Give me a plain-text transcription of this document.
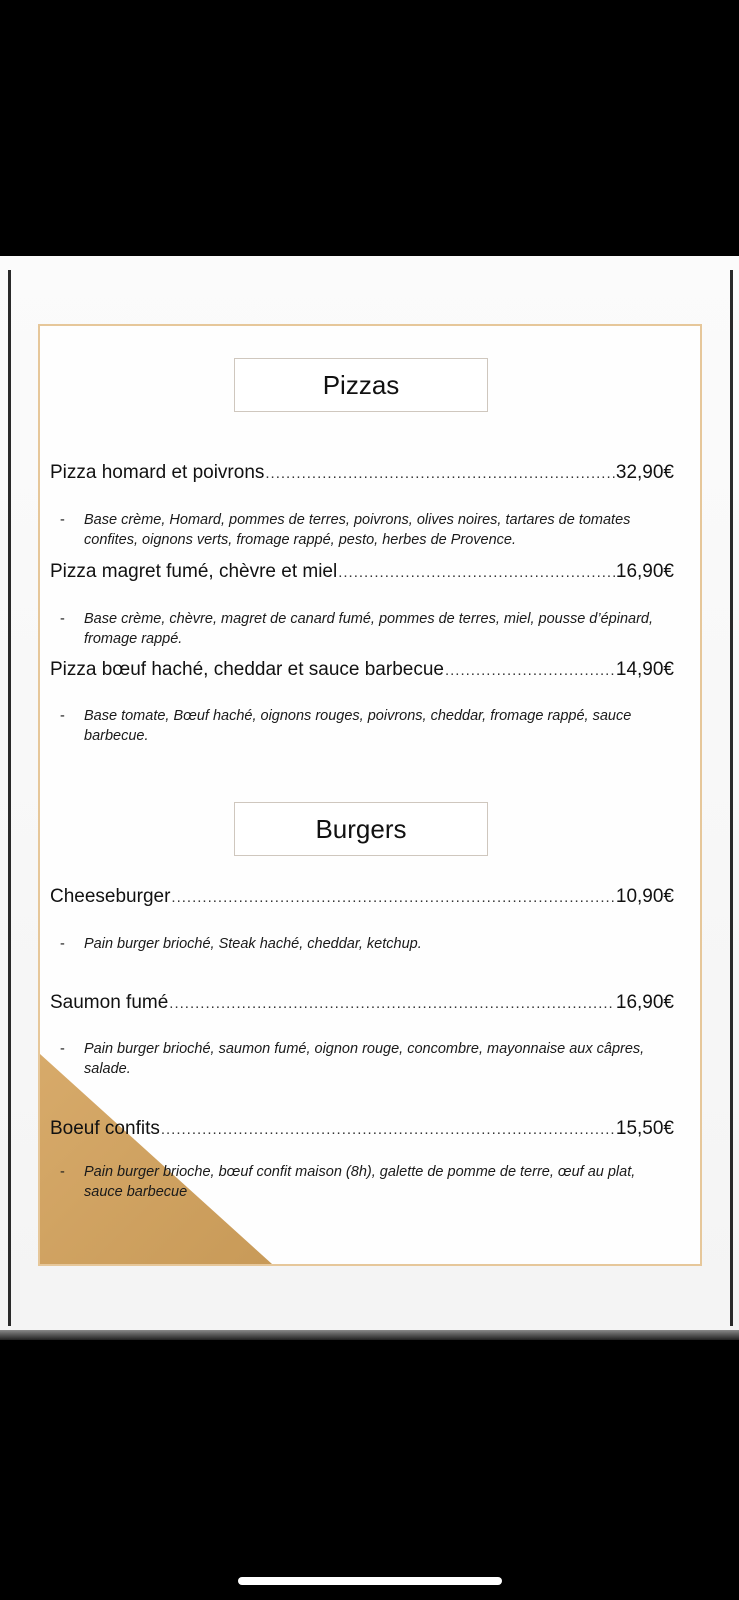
Pizzas
Pizza homard et poivrons .....	32,90€
-	Base crème, Homard, pommes de terres, poivrons, olives noires, tartares de tomates confites, oignons verts, fromage rappé, pesto, herbes de Provence.
Pizza magret fumé, chèvre et miel .....	16,90€
-	Base crème, chèvre, magret de canard fumé, pommes de terres, miel, pousse d’épinard, fromage rappé.
Pizza bœuf haché, cheddar et sauce barbecue .....	14,90€
-	Base tomate, Bœuf haché, oignons rouges, poivrons, cheddar, fromage rappé, sauce barbecue.
Burgers
Cheeseburger .....	10,90€
-	Pain burger brioché, Steak haché, cheddar, ketchup.
Saumon fumé .....	16,90€
-	Pain burger brioché, saumon fumé, oignon rouge, concombre, mayonnaise aux câpres, salade.
Boeuf confits .....	15,50€
-	Pain burger brioche, bœuf confit maison (8h), galette de pomme de terre, œuf au plat, sauce barbecue
